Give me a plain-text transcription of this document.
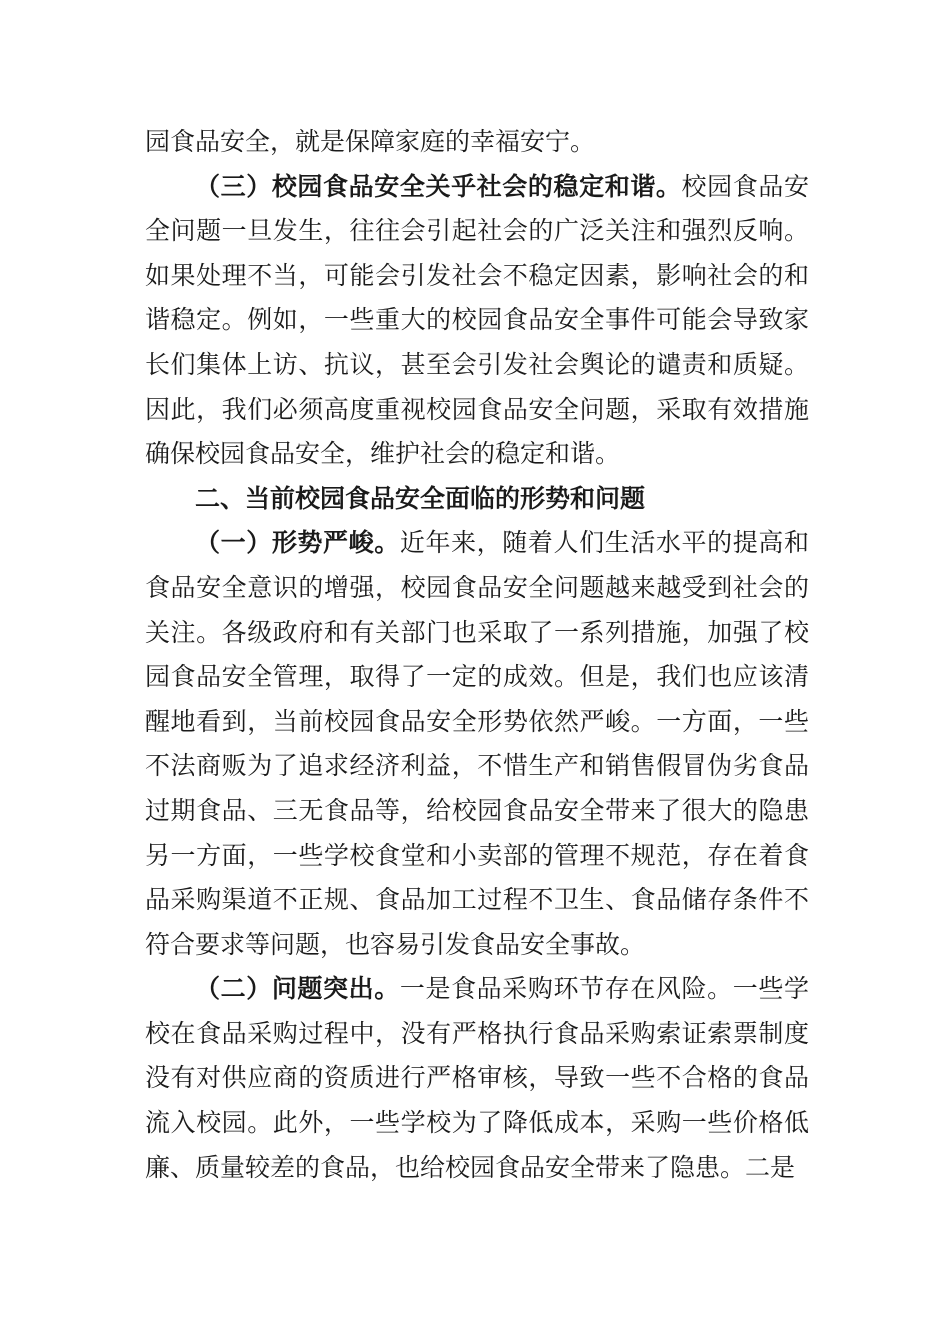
园食品安全，就是保障家庭的幸福安宁。

（三）校园食品安全关乎社会的稳定和谐。校园食品安全问题一旦发生，往往会引起社会的广泛关注和强烈反响。如果处理不当，可能会引发社会不稳定因素，影响社会的和谐稳定。例如，一些重大的校园食品安全事件可能会导致家长们集体上访、抗议，甚至会引发社会舆论的谴责和质疑。因此，我们必须高度重视校园食品安全问题，采取有效措施确保校园食品安全，维护社会的稳定和谐。

二、当前校园食品安全面临的形势和问题

（一）形势严峻。近年来，随着人们生活水平的提高和食品安全意识的增强，校园食品安全问题越来越受到社会的关注。各级政府和有关部门也采取了一系列措施，加强了校园食品安全管理，取得了一定的成效。但是，我们也应该清醒地看到，当前校园食品安全形势依然严峻。一方面，一些不法商贩为了追求经济利益，不惜生产和销售假冒伪劣食品过期食品、三无食品等，给校园食品安全带来了很大的隐患另一方面，一些学校食堂和小卖部的管理不规范，存在着食品采购渠道不正规、食品加工过程不卫生、食品储存条件不符合要求等问题，也容易引发食品安全事故。

（二）问题突出。一是食品采购环节存在风险。一些学校在食品采购过程中，没有严格执行食品采购索证索票制度没有对供应商的资质进行严格审核，导致一些不合格的食品流入校园。此外，一些学校为了降低成本，采购一些价格低廉、质量较差的食品，也给校园食品安全带来了隐患。二是
